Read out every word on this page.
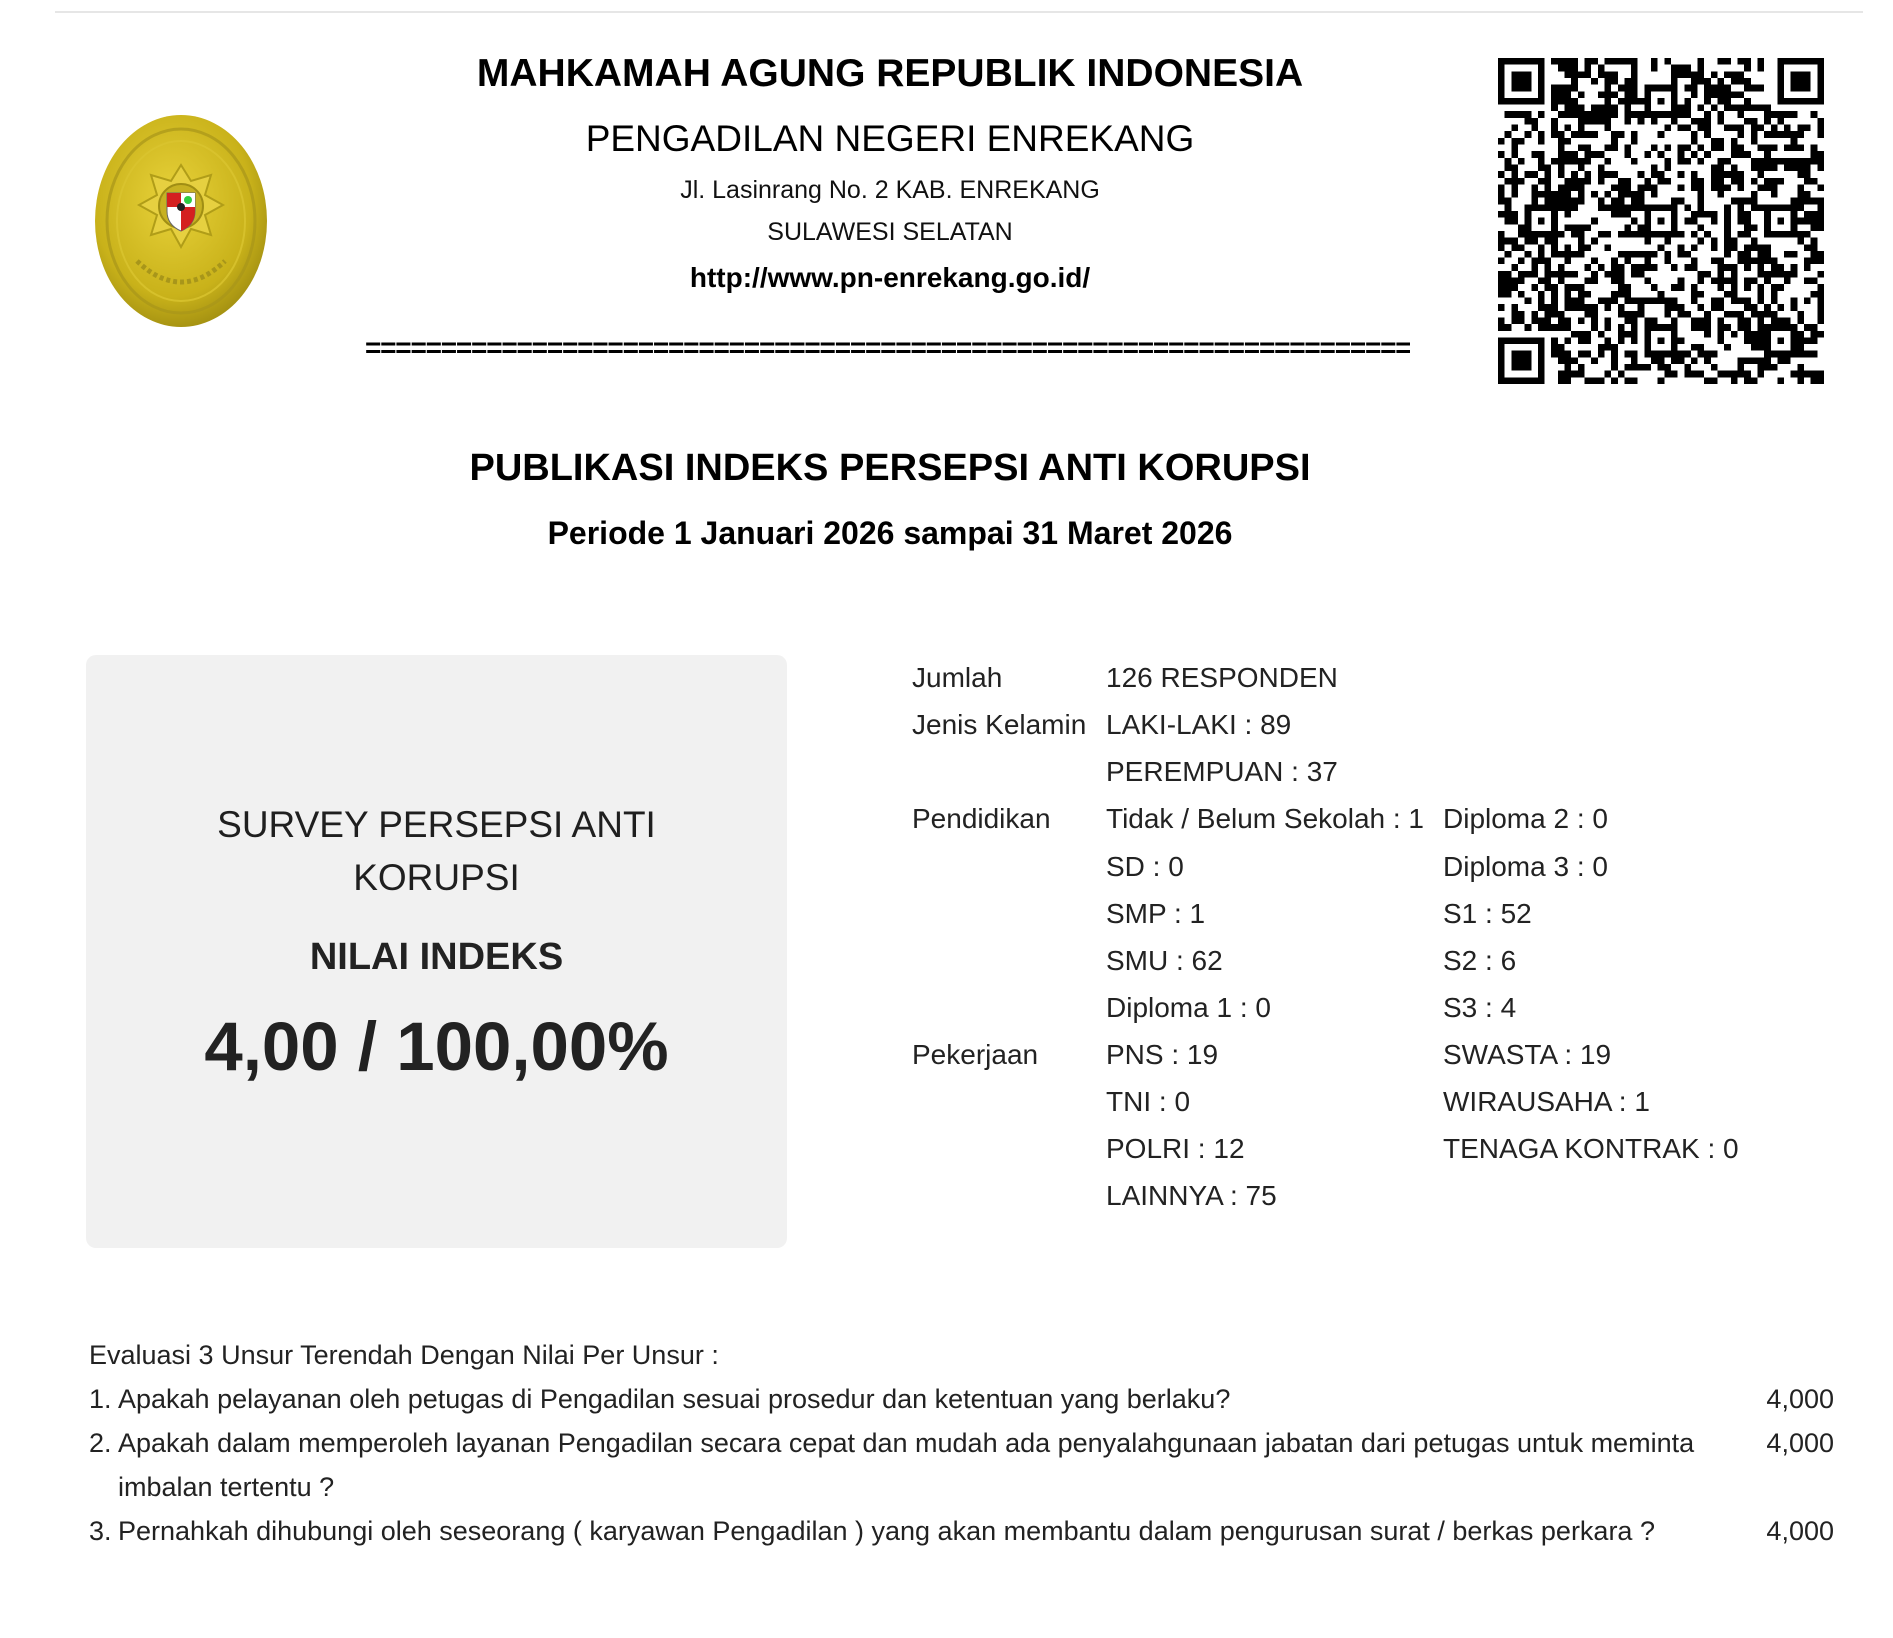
MAHKAMAH AGUNG REPUBLIK INDONESIA
PENGADILAN NEGERI ENREKANG
Jl. Lasinrang No. 2 KAB. ENREKANG
SULAWESI SELATAN
http://www.pn-enrekang.go.id/
=====================================================================
PUBLIKASI INDEKS PERSEPSI ANTI KORUPSI
Periode 1 Januari 2026 sampai 31 Maret 2026
SURVEY PERSEPSI ANTI
KORUPSI
NILAI INDEKS
4,00 / 100,00%
Jumlah	126 RESPONDEN
Jenis Kelamin LAKI-LAKI : 89
PEREMPUAN : 37
Pendidikan Tidak / Belum Sekolah : 1 Diploma 2 : 0
SD : 0	Diploma 3 : 0
SMP : 1	S1 : 52
SMU : 62	S2 : 6
Diploma 1 : 0	S3 : 4
Pekerjaan PNS : 19	SWASTA : 19
TNI : 0	WIRAUSAHA : 1
POLRI : 12	TENAGA KONTRAK : 0
LAINNYA : 75
Evaluasi 3 Unsur Terendah Dengan Nilai Per Unsur :
1. Apakah pelayanan oleh petugas di Pengadilan sesuai prosedur dan ketentuan yang berlaku?	4,000
2. Apakah dalam memperoleh layanan Pengadilan secara cepat dan mudah ada penyalahgunaan jabatan dari petugas untuk meminta imbalan tertentu ?
4,000
3. Pernahkah dihubungi oleh seseorang ( karyawan Pengadilan ) yang akan membantu dalam pengurusan surat / berkas perkara ?	4,000
